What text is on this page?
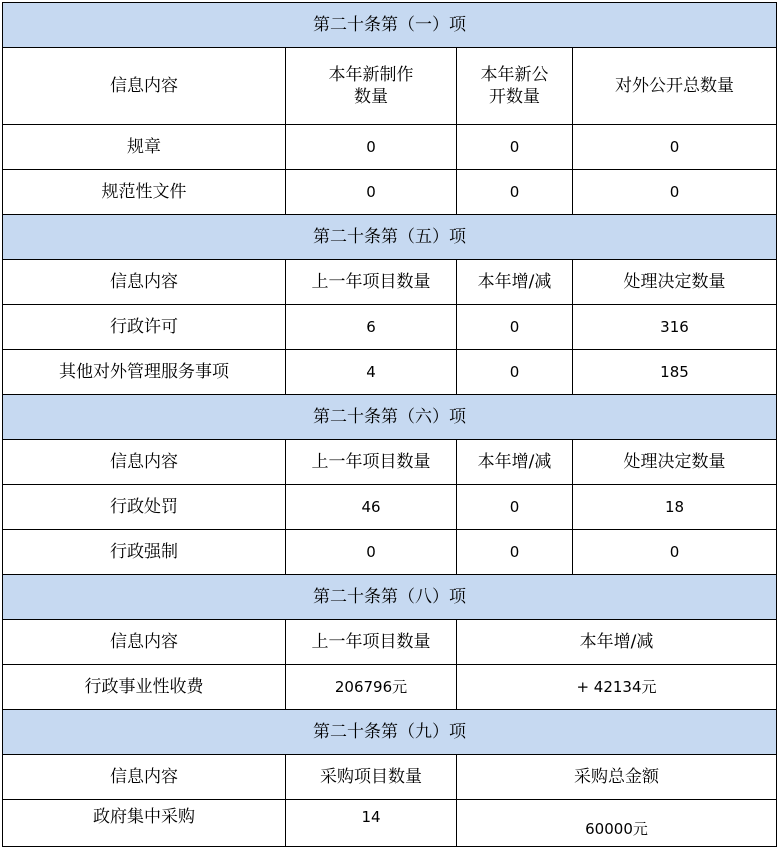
第二十条第（一）项			
信息内容	本年新制作数量	本年新公开数量	对外公开总数量
规章	0	0	0
规范性文件	0	0	0
第二十条第（五）项			
信息内容	上一年项目数量	本年增/减	处理决定数量
行政许可	6	0	316
其他对外管理服务事项	4	0	185
第二十条第（六）项			
信息内容	上一年项目数量	本年增/减	处理决定数量
行政处罚	46	0	18
行政强制	0	0	0
第二十条第（八）项			
信息内容	上一年项目数量	本年增/减	
行政事业性收费	206796元	+ 42134元	
第二十条第（九）项			
信息内容	采购项目数量	采购总金额	
政府集中采购	14	60000元	
